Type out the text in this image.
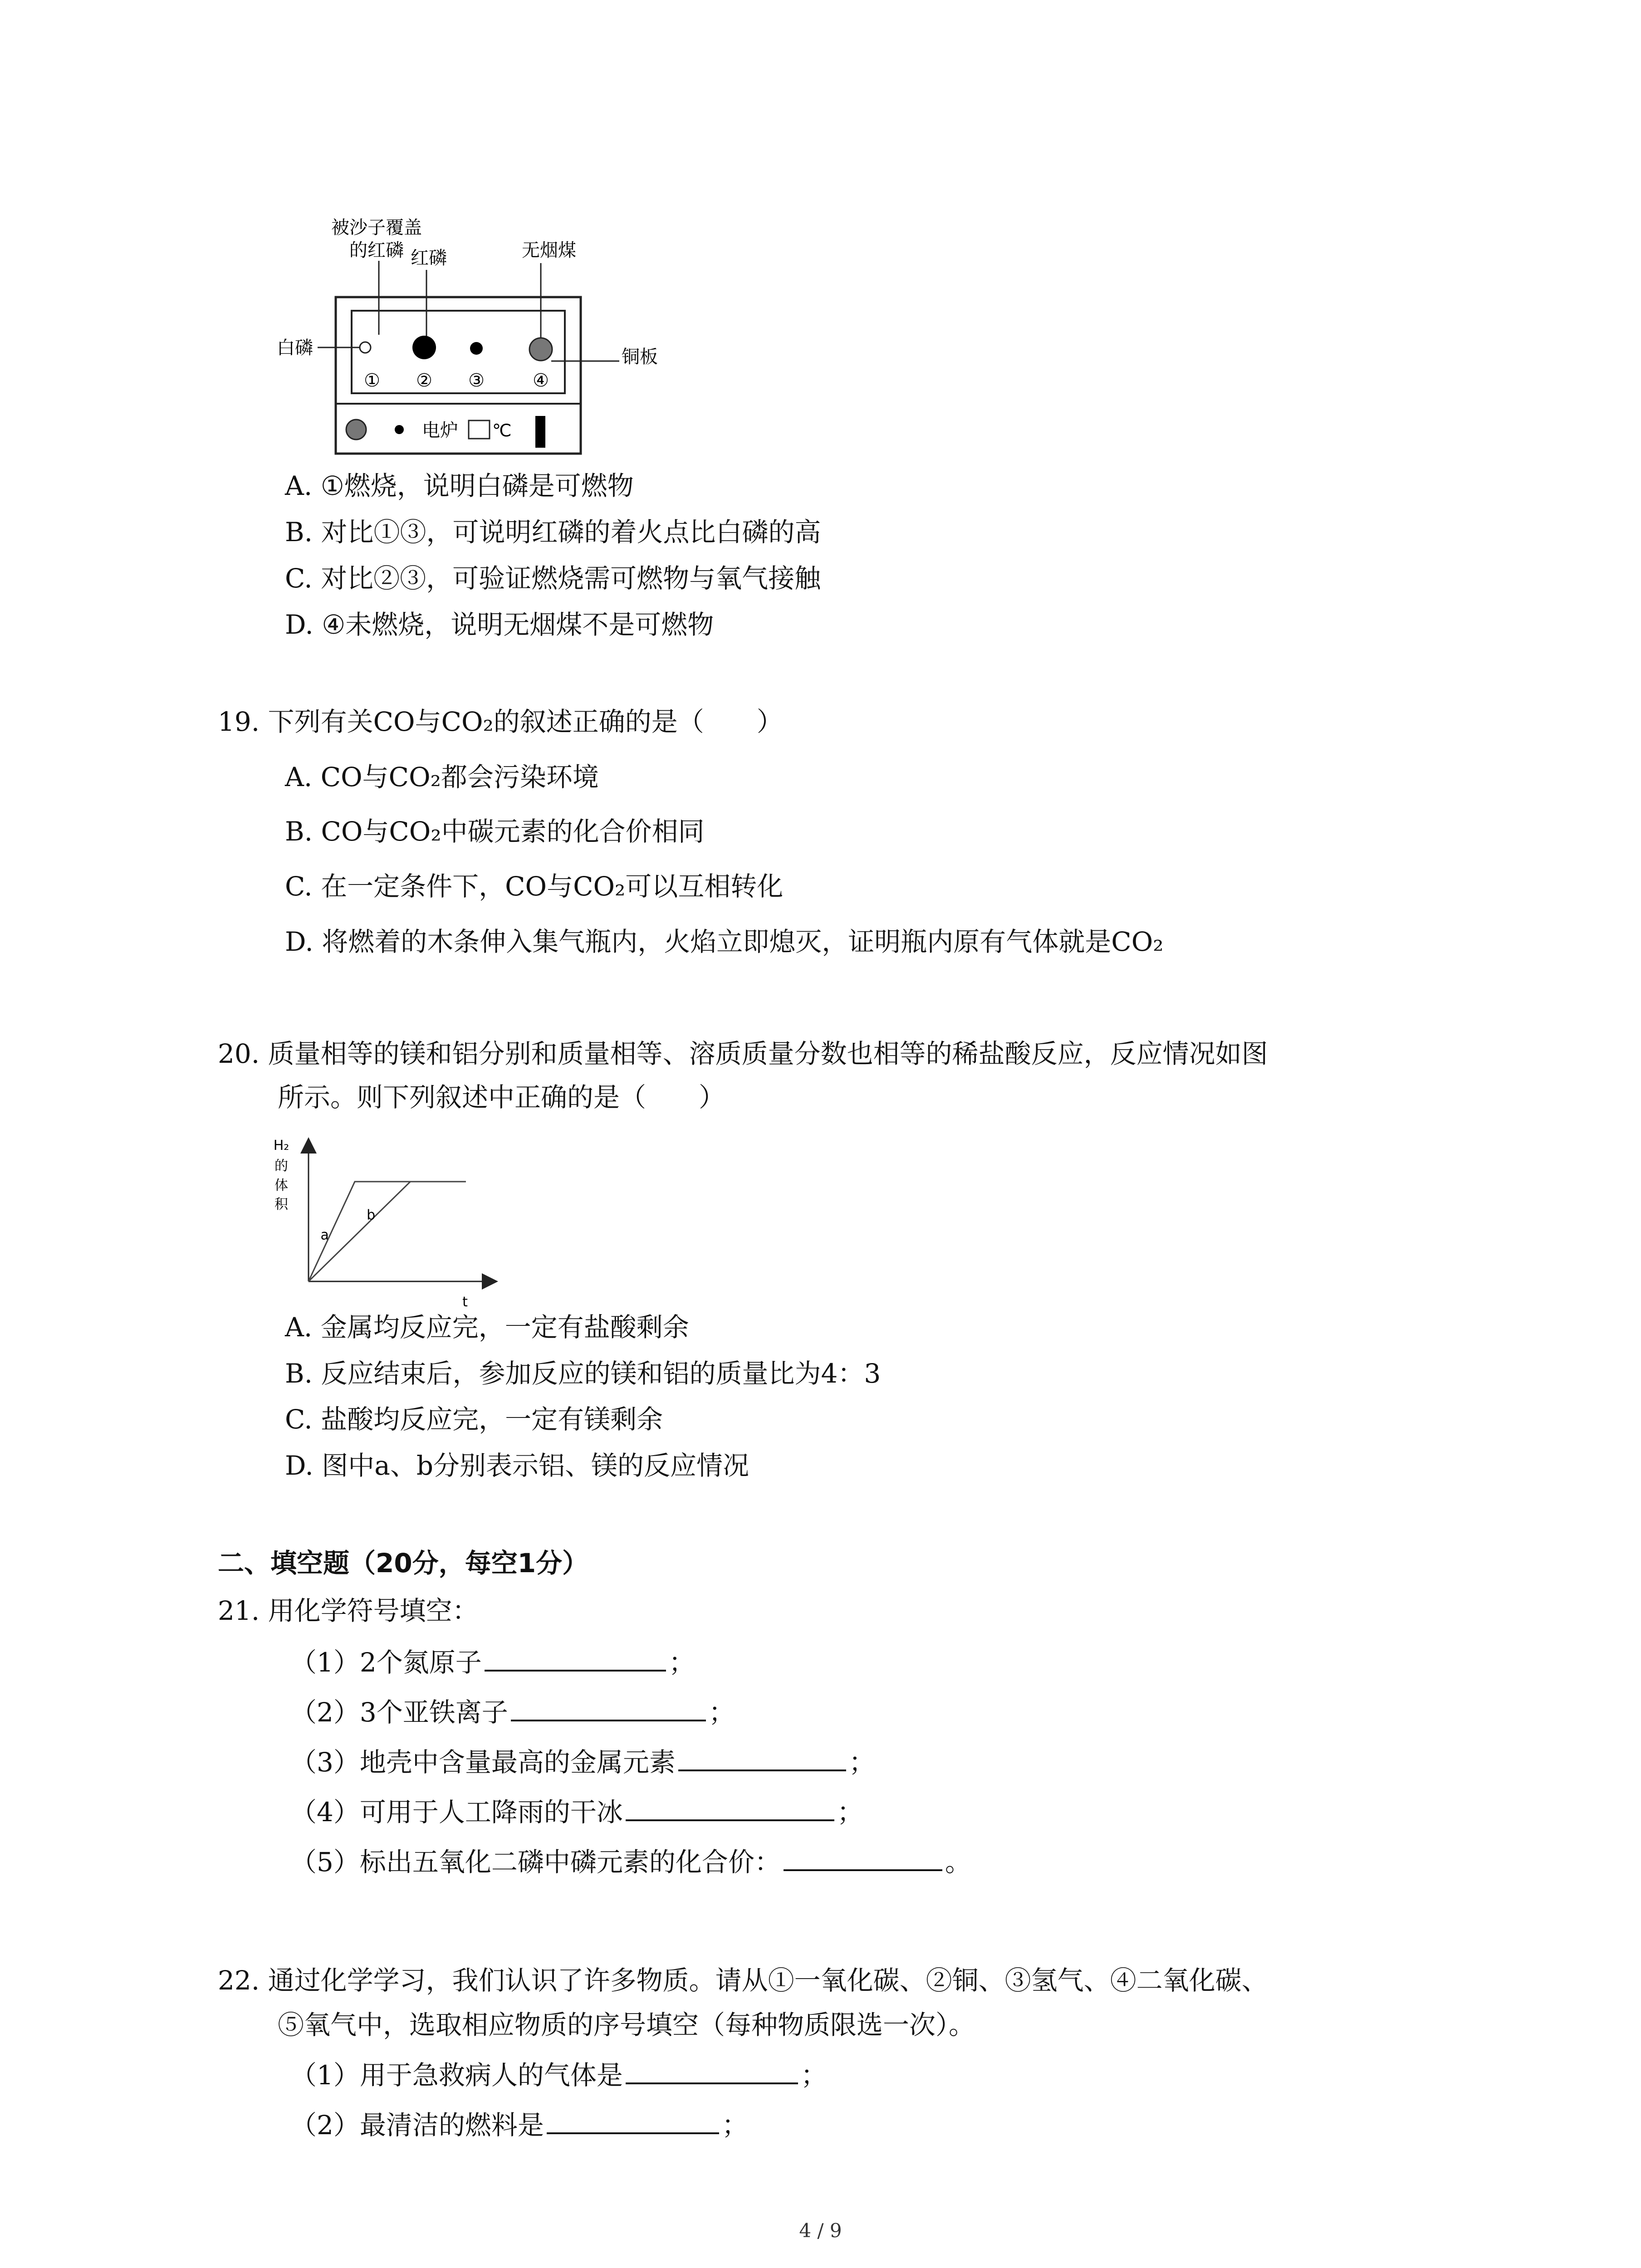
被沙子覆盖
的红磷 红磷	无烟煤
白磷	铜板
① ② ③	④
电炉 ℃
A. ①燃烧，说明白磷是可燃物
B. 对比①③，可说明红磷的着火点比白磷的高
C. 对比②③，可验证燃烧需可燃物与氧气接触
D. ④未燃烧，说明无烟煤不是可燃物
19. 下列有关CO与CO₂的叙述正确的是（　　）
A. CO与CO₂都会污染环境
B. CO与CO₂中碳元素的化合价相同
C. 在一定条件下，CO与CO₂可以互相转化
D. 将燃着的木条伸入集气瓶内，火焰立即熄灭，证明瓶内原有气体就是CO₂
20. 质量相等的镁和铝分别和质量相等、溶质质量分数也相等的稀盐酸反应，反应情况如图
所示。则下列叙述中正确的是（　　）
H₂
的
体
积
t
a
b
A. 金属均反应完，一定有盐酸剩余
B. 反应结束后，参加反应的镁和铝的质量比为4：3
C. 盐酸均反应完，一定有镁剩余
D. 图中a、b分别表示铝、镁的反应情况
二、填空题（20分，每空1分）
21. 用化学符号填空：
（1）2个氮原子	；
（2）3个亚铁离子	；
（3）地壳中含量最高的金属元素	；
（4）可用于人工降雨的干冰	；
（5）标出五氧化二磷中磷元素的化合价：	。
22. 通过化学学习，我们认识了许多物质。请从①一氧化碳、②铜、③氢气、④二氧化碳、
⑤氧气中，选取相应物质的序号填空（每种物质限选一次）。
（1）用于急救病人的气体是	；
（2）最清洁的燃料是	；
4 / 9
